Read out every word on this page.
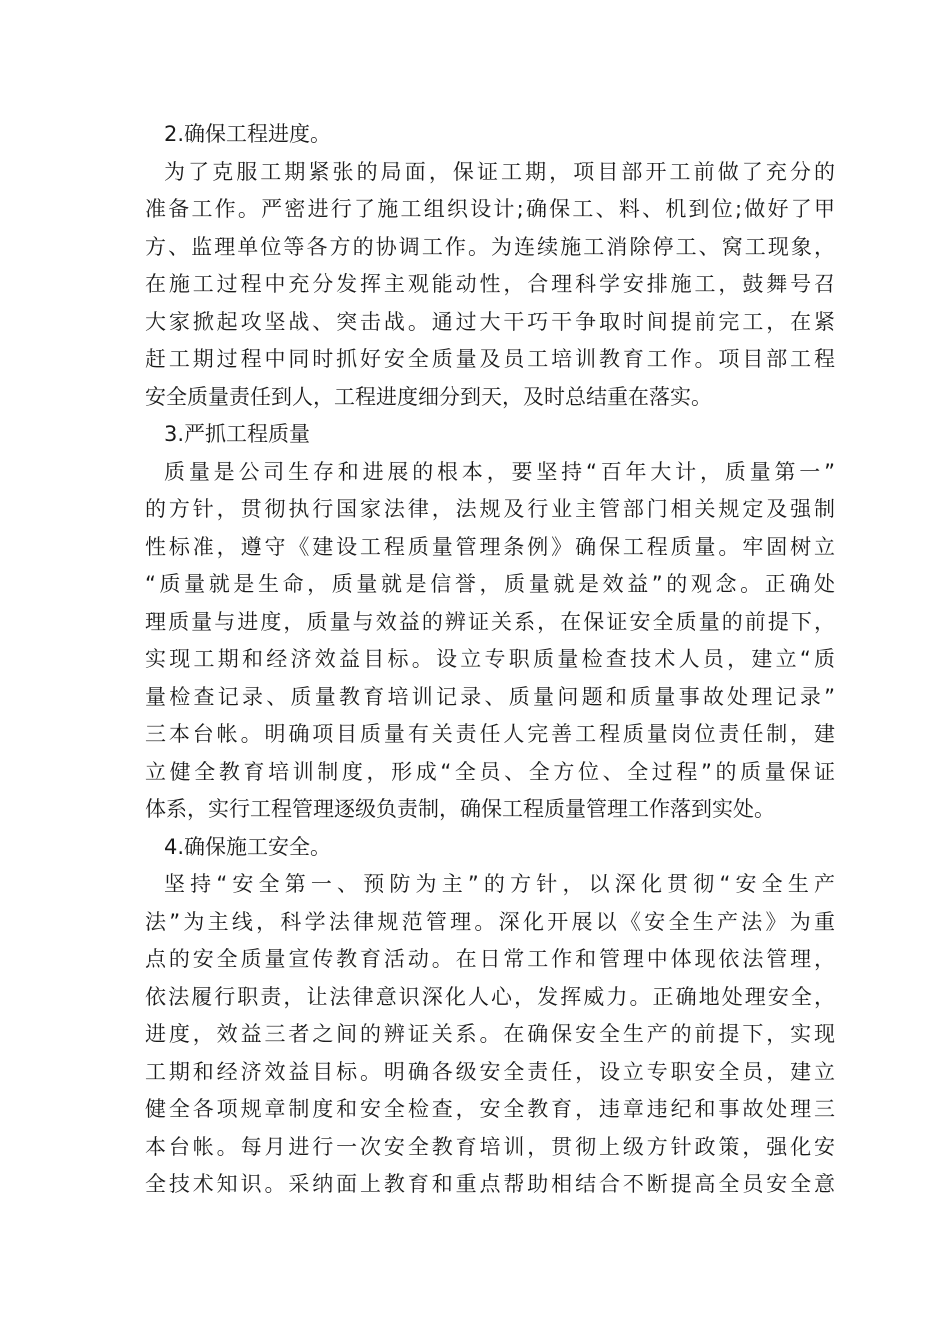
2.确保工程进度。
为了克服工期紧张的局面，保证工期，项目部开工前做了充分的
准备工作。严密进行了施工组织设计;确保工、料、机到位;做好了甲
方、监理单位等各方的协调工作。为连续施工消除停工、窝工现象，
在施工过程中充分发挥主观能动性，合理科学安排施工，鼓舞号召
大家掀起攻坚战、突击战。通过大干巧干争取时间提前完工，在紧
赶工期过程中同时抓好安全质量及员工培训教育工作。项目部工程
安全质量责任到人，工程进度细分到天，及时总结重在落实。
3.严抓工程质量
质量是公司生存和进展的根本，要坚持“百年大计，质量第一”
的方针，贯彻执行国家法律，法规及行业主管部门相关规定及强制
性标准，遵守《建设工程质量管理条例》确保工程质量。牢固树立
“质量就是生命，质量就是信誉，质量就是效益”的观念。正确处
理质量与进度，质量与效益的辨证关系，在保证安全质量的前提下，
实现工期和经济效益目标。设立专职质量检查技术人员，建立“质
量检查记录、质量教育培训记录、质量问题和质量事故处理记录”
三本台帐。明确项目质量有关责任人完善工程质量岗位责任制，建
立健全教育培训制度，形成“全员、全方位、全过程”的质量保证
体系，实行工程管理逐级负责制，确保工程质量管理工作落到实处。
4.确保施工安全。
坚持“安全第一、预防为主”的方针，以深化贯彻“安全生产
法”为主线，科学法律规范管理。深化开展以《安全生产法》为重
点的安全质量宣传教育活动。在日常工作和管理中体现依法管理，
依法履行职责，让法律意识深化人心，发挥威力。正确地处理安全，
进度，效益三者之间的辨证关系。在确保安全生产的前提下，实现
工期和经济效益目标。明确各级安全责任，设立专职安全员，建立
健全各项规章制度和安全检查，安全教育，违章违纪和事故处理三
本台帐。每月进行一次安全教育培训，贯彻上级方针政策，强化安
全技术知识。采纳面上教育和重点帮助相结合不断提高全员安全意
